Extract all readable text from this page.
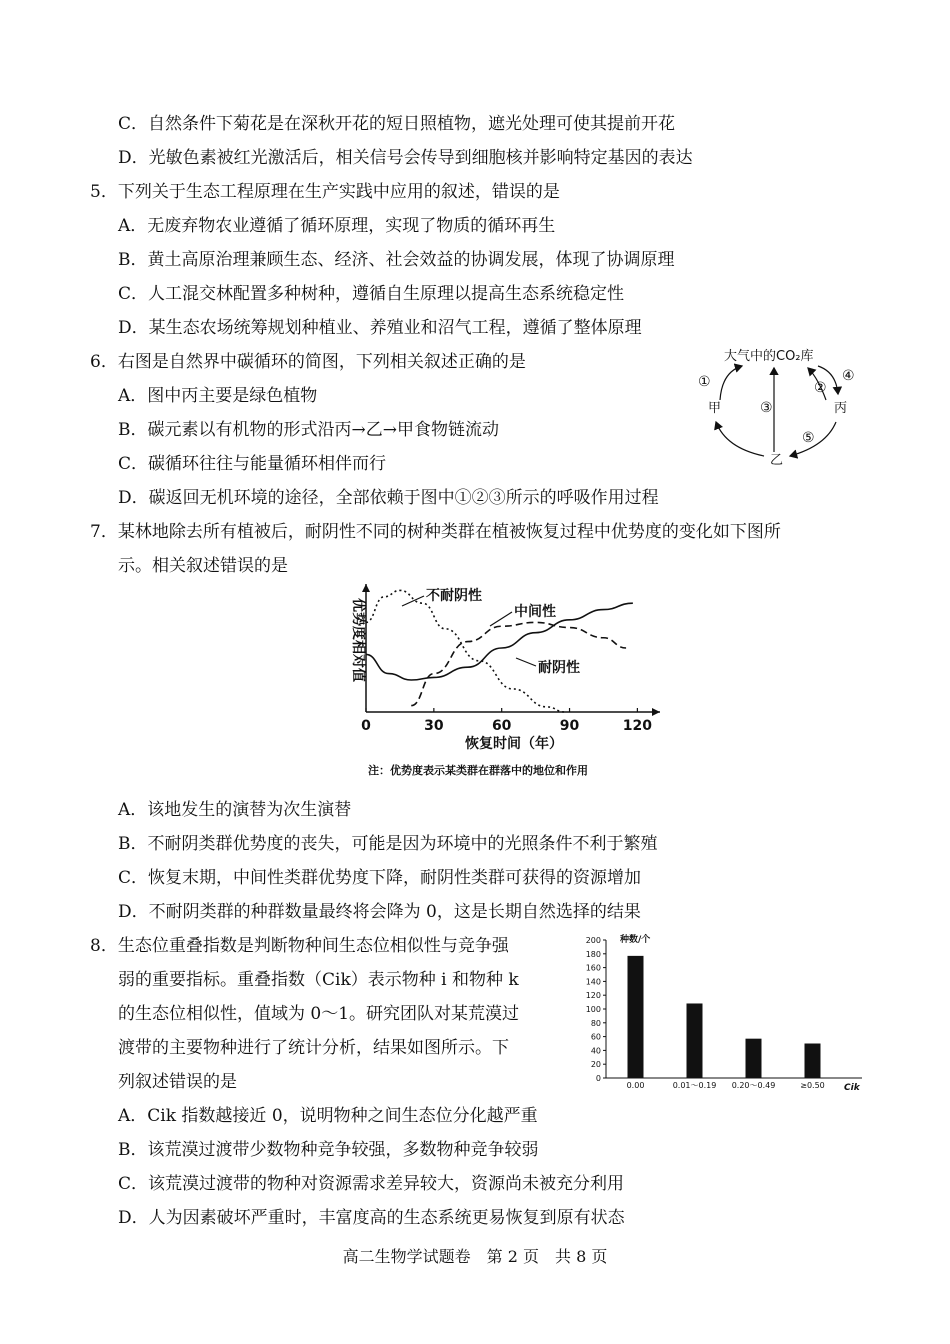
C．自然条件下菊花是在深秋开花的短日照植物，遮光处理可使其提前开花
D．光敏色素被红光激活后，相关信号会传导到细胞核并影响特定基因的表达
5．下列关于生态工程原理在生产实践中应用的叙述，错误的是
A．无废弃物农业遵循了循环原理，实现了物质的循环再生
B．黄土高原治理兼顾生态、经济、社会效益的协调发展，体现了协调原理
C．人工混交林配置多种树种，遵循自生原理以提高生态系统稳定性
D．某生态农场统筹规划种植业、养殖业和沼气工程，遵循了整体原理
6．右图是自然界中碳循环的简图，下列相关叙述正确的是
A．图中丙主要是绿色植物
B．碳元素以有机物的形式沿丙→乙→甲食物链流动
C．碳循环往往与能量循环相伴而行
D．碳返回无机环境的途径，全部依赖于图中①②③所示的呼吸作用过程
大气中的CO₂库
甲	丙
乙
①	②
③
④
⑤
7．某林地除去所有植被后，耐阴性不同的树种类群在植被恢复过程中优势度的变化如下图所
示。相关叙述错误的是
优势度相对值
0	30	60	90	120
恢复时间（年）
注：优势度表示某类群在群落中的地位和作用
不耐阴性
中间性
耐阴性
A．该地发生的演替为次生演替
B．不耐阴类群优势度的丧失，可能是因为环境中的光照条件不利于繁殖
C．恢复末期，中间性类群优势度下降，耐阴性类群可获得的资源增加
D．不耐阴类群的种群数量最终将会降为 0，这是长期自然选择的结果
8．生态位重叠指数是判断物种间生态位相似性与竞争强
弱的重要指标。重叠指数（Cik）表示物种 i 和物种 k
的生态位相似性，值域为 0～1。研究团队对某荒漠过
渡带的主要物种进行了统计分析，结果如图所示。下
列叙述错误的是
种数/个
Cik
0
20
40
60
80
100
120
140
160
180
200
0.00	0.01～0.19 0.20～0.49	≥0.50
A．Cik 指数越接近 0，说明物种之间生态位分化越严重
B．该荒漠过渡带少数物种竞争较强，多数物种竞争较弱
C．该荒漠过渡带的物种对资源需求差异较大，资源尚未被充分利用
D．人为因素破坏严重时，丰富度高的生态系统更易恢复到原有状态
高二生物学试题卷　第 2 页　共 8 页
